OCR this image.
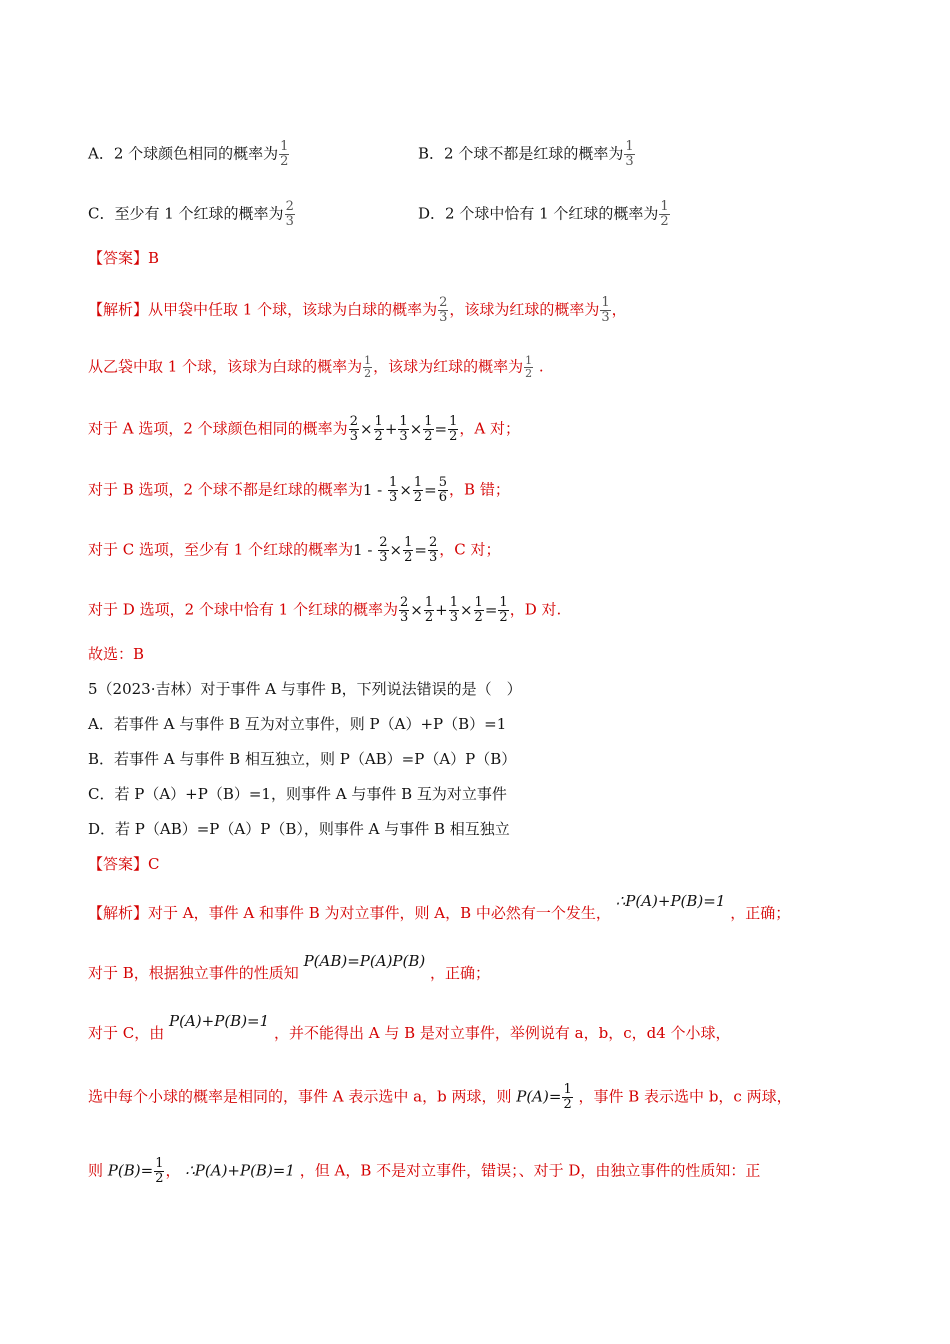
A．2 个球颜色相同的概率为 $\frac{1}{2}$	B．2 个球不都是红球的概率为 $\frac{1}{3}$
C．至少有 1 个红球的概率为 $\frac{2}{3}$	D．2 个球中恰有 1 个红球的概率为 $\frac{1}{2}$
【答案】B
【解析】从甲袋中任取 1 个球，该球为白球的概率为 $\frac{2}{3}$ ，该球为红球的概率为 $\frac{1}{3}$ ，
从乙袋中取 1 个球，该球为白球的概率为 $\frac{1}{2}$ ，该球为红球的概率为 $\frac{1}{2}$ .
对于 A 选项，2 个球颜色相同的概率为 $\frac{2}{3} \times \frac{1}{2} + \frac{1}{3} \times \frac{1}{2} = \frac{1}{2}$ ，A 对；
对于 B 选项，2 个球不都是红球的概率为$1 - \frac{1}{3} \times \frac{1}{2} = \frac{5}{6}$ ，B 错；
对于 C 选项，至少有 1 个红球的概率为$1 - \frac{2}{3} \times \frac{1}{2} = \frac{2}{3}$ ，C 对；
对于 D 选项，2 个球中恰有 1 个红球的概率为 $\frac{2}{3} \times \frac{1}{2} + \frac{1}{3} \times \frac{1}{2} = \frac{1}{2}$ ，D 对.
故选：B
5（2023·吉林）对于事件 A 与事件 B，下列说法错误的是（　）
A．若事件 A 与事件 B 互为对立事件，则 P（A）+P（B）=1
B．若事件 A 与事件 B 相互独立，则 P（AB）=P（A）P（B）
C．若 P（A）+P（B）=1，则事件 A 与事件 B 互为对立事件
D．若 P（AB）=P（A）P（B），则事件 A 与事件 B 相互独立
【答案】C
【解析】对于 A，事件 A 和事件 B 为对立事件，则 A，B 中必然有一个发生， ∴P(A)+P(B)=1 ，正确；
对于 B，根据独立事件的性质知 P(AB)=P(A)P(B) ，正确；
对于 C，由 P(A)+P(B)=1 ，并不能得出 A 与 B 是对立事件，举例说有 a，b，c，d4 个小球，
选中每个小球的概率是相同的，事件 A 表示选中 a，b 两球，则 $P(A)= \frac{1}{2}$ ，事件 B 表示选中 b，c 两球，
则 $P(B)= \frac{1}{2}$ ， ∴P(A)+P(B)=1 ，但 A，B 不是对立事件，错误；、对于 D，由独立事件的性质知：正
